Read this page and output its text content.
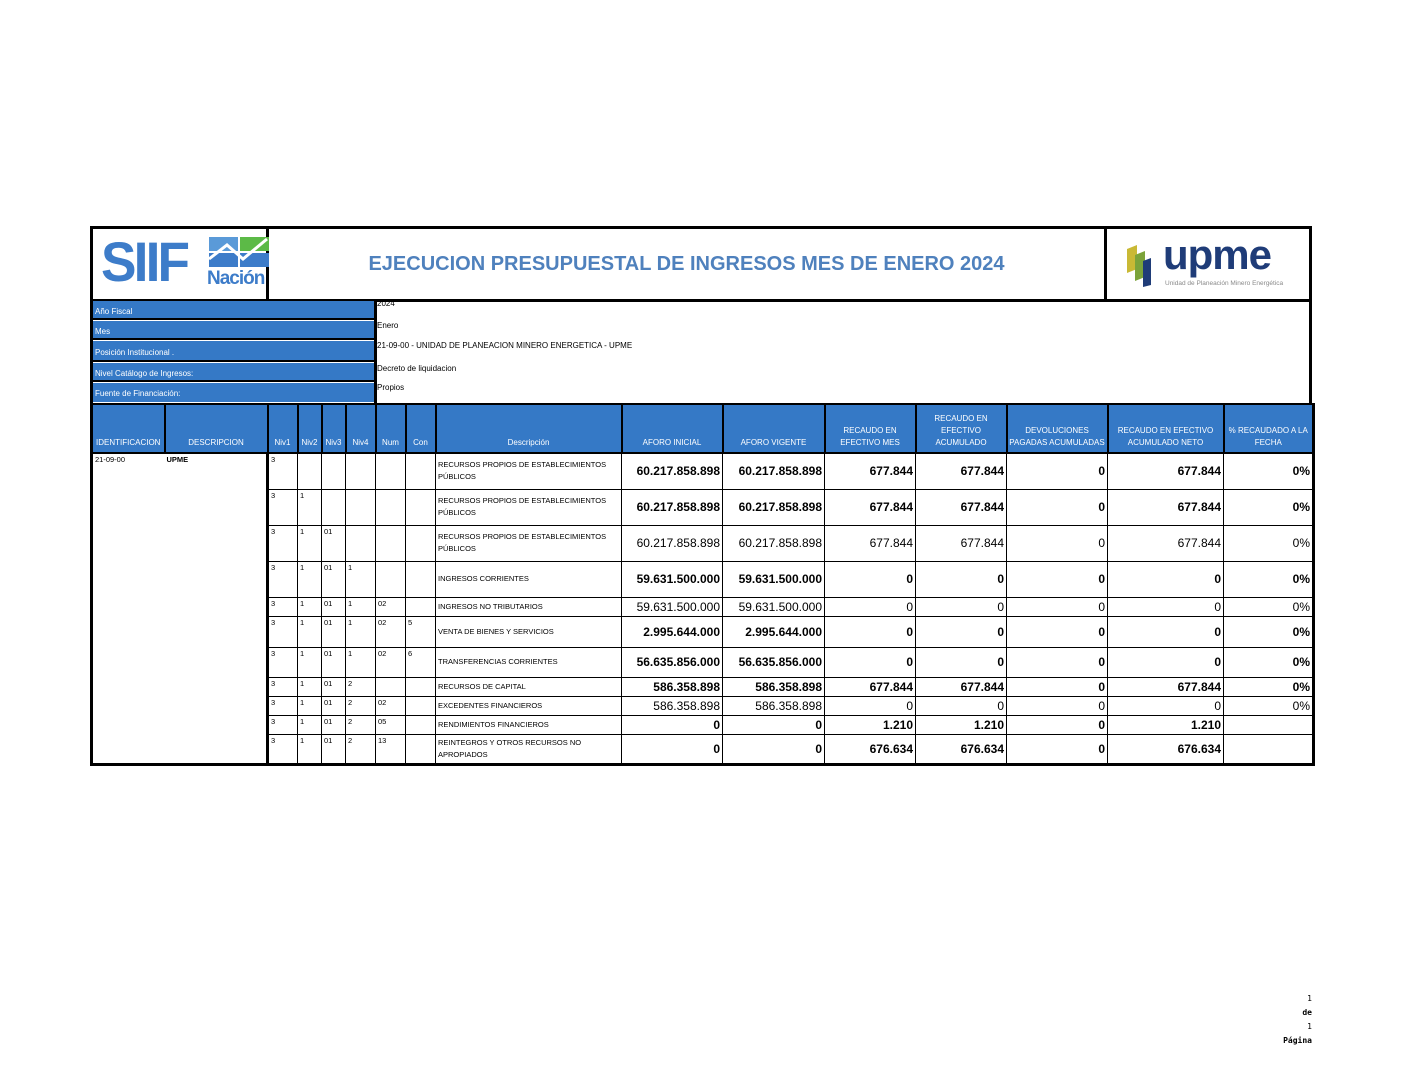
SIIF Nación
EJECUCION PRESUPUESTAL DE INGRESOS MES DE ENERO 2024	upme
Unidad de Planeación Minero Energética
Año Fiscal
2024
Mes
Enero
Posición Institucional .
21-09-00 - UNIDAD DE PLANEACION MINERO ENERGETICA - UPME
Nivel Catálogo de Ingresos:
Decreto de liquidacion
Fuente de Financiación:
Propios
IDENTIFICACION	DESCRIPCION	Niv1	Niv2	Niv3	Niv4	Num	Con	Descripción	AFORO INICIAL	AFORO VIGENTE	RECAUDO EN EFECTIVO MES	RECAUDO EN EFECTIVO ACUMULADO	DEVOLUCIONES PAGADAS ACUMULADAS	RECAUDO EN EFECTIVO ACUMULADO NETO	% RECAUDADO A LA FECHA
21-09-00	UPME	3						RECURSOS PROPIOS DE ESTABLECIMIENTOS PÚBLICOS	60.217.858.898	60.217.858.898	677.844	677.844	0	677.844	0%
		3	1					RECURSOS PROPIOS DE ESTABLECIMIENTOS PÚBLICOS	60.217.858.898	60.217.858.898	677.844	677.844	0	677.844	0%
		3	1	01				RECURSOS PROPIOS DE ESTABLECIMIENTOS PÚBLICOS	60.217.858.898	60.217.858.898	677.844	677.844	0	677.844	0%
		3	1	01	1			INGRESOS CORRIENTES	59.631.500.000	59.631.500.000	0	0	0	0	0%
		3	1	01	1	02		INGRESOS NO TRIBUTARIOS	59.631.500.000	59.631.500.000	0	0	0	0	0%
		3	1	01	1	02	5	VENTA DE BIENES Y SERVICIOS	2.995.644.000	2.995.644.000	0	0	0	0	0%
		3	1	01	1	02	6	TRANSFERENCIAS CORRIENTES	56.635.856.000	56.635.856.000	0	0	0	0	0%
		3	1	01	2			RECURSOS DE CAPITAL	586.358.898	586.358.898	677.844	677.844	0	677.844	0%
		3	1	01	2	02		EXCEDENTES FINANCIEROS	586.358.898	586.358.898	0	0	0	0	0%
		3	1	01	2	05		RENDIMIENTOS FINANCIEROS	0	0	1.210	1.210	0	1.210	
		3	1	01	2	13		REINTEGROS Y OTROS RECURSOS NO APROPIADOS	0	0	676.634	676.634	0	676.634	
1
de
1
Página
